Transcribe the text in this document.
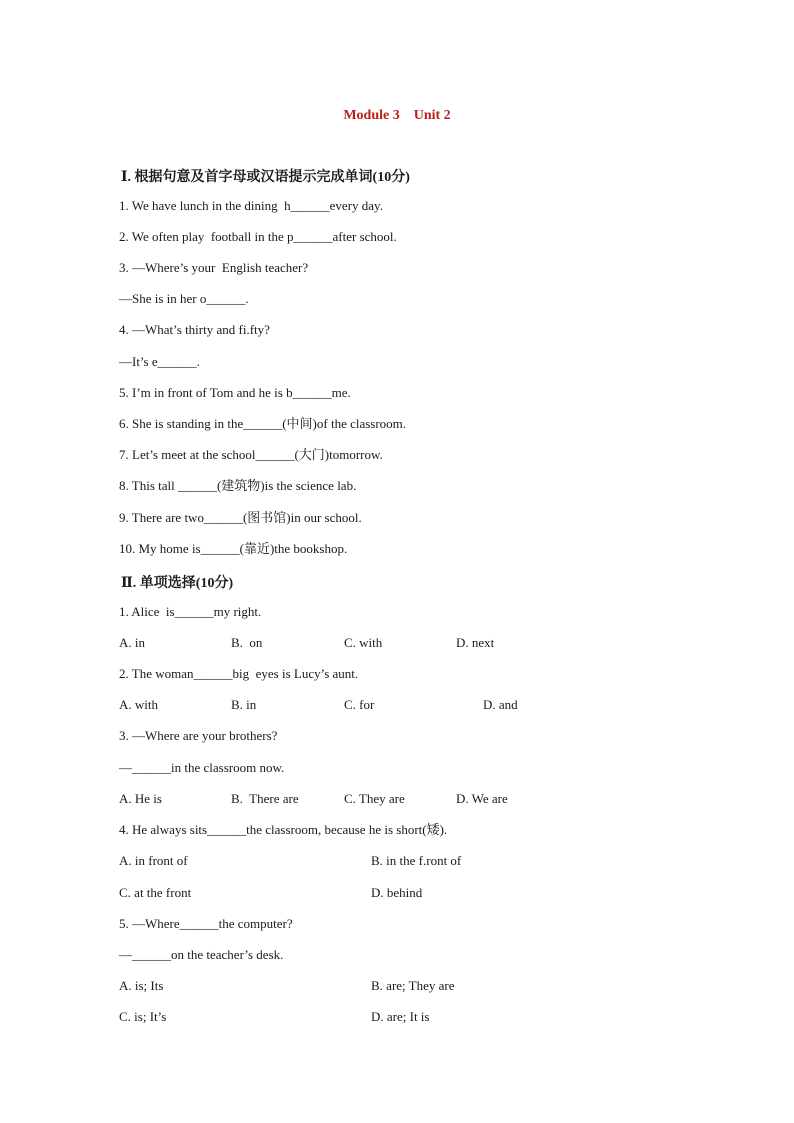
Module 3　Unit 2
Ⅰ. 根据句意及首字母或汉语提示完成单词(10分)
1. We have lunch in the dining  h______every day.
2. We often play  football in the p______after school.
3. —Where’s your  English teacher?
—She is in her o______.
4. —What’s thirty and fi.fty?
—It’s e______.
5. I’m in front of Tom and he is b______me.
6. She is standing in the______(中间)of the classroom.
7. Let’s meet at the school______(大门)tomorrow.
8. This tall ______(建筑物)is the science lab.
9. There are two______(图书馆)in our school.
10. My home is______(靠近)the bookshop.
Ⅱ. 单项选择(10分)
1. Alice  is______my right.
A. in	B.  on	C. with	D. next
2. The woman______big  eyes is Lucy’s aunt.
A. with	B. in	C. for	D. and
3. —Where are your brothers?
—______in the classroom now.
A. He is	B.  There are	C. They are	D. We are
4. He always sits______the classroom, because he is short(矮).
A. in front of	B. in the f.ront of
C. at the front	D. behind
5. —Where______the computer?
—______on the teacher’s desk.
A. is; Its	B. are; They are
C. is; It’s	D. are; It is
